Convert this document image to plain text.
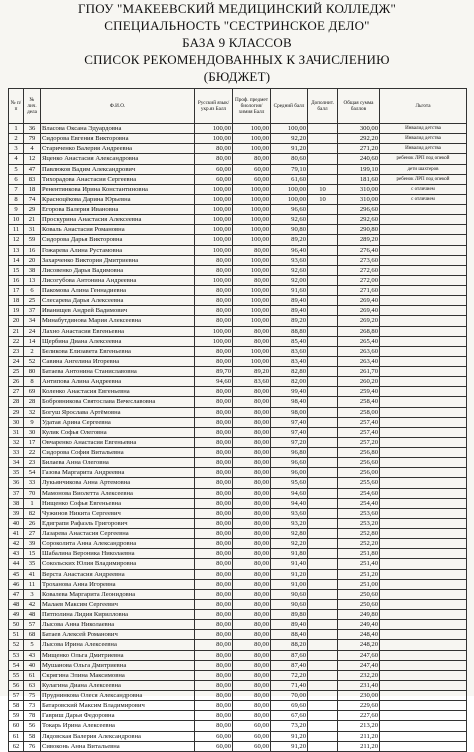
ГПОУ "МАКЕЕВСКИЙ МЕДИЦИНСКИЙ КОЛЛЕДЖ"
СПЕЦИАЛЬНОСТЬ "СЕСТРИНСКОЕ ДЕЛО"
БАЗА 9 КЛАССОВ
СПИСОК РЕКОМЕНДОВАННЫХ К ЗАЧИСЛЕНИЮ
(БЮДЖЕТ)
№ п/п	№ лич. дела	Ф.И.О.	Русский язык/укр.яз Балл	Проф. предмет биология/ химия Балл	Средний балл	Дополнит. балл	Общая сумма баллов	Льгота
1	36	Власова Оксана Эдуардовна	100,00	100,00	100,00		300,00	Инвалид детства
2	79	Сидорова Евгения Викторовна	100,00	100,00	92,20		292,20	Инвалид детства
3	4	Стариченко Валерия Андреевна	80,00	100,00	91,20		271,20	Инвалид детства
4	12	Яценко Анастасия Александровна	80,00	80,00	80,60		240,60	ребенок ЛРП под опекой
5	47	Павлюков Вадим Александрович	60,00	60,00	79,10		199,10	дети шахтеров
6	83	Тихорадова Анастасия Сергеевна	60,00	60,00	61,60		181,60	ребенок ЛРП под опекой
7	18	Ренентинкова Ирина Константиновна	100,00	100,00	100,00	10	310,00	с отличием
8	74	Красноцёкова Дарина Юрьевна	100,00	100,00	100,00	10	310,00	с отличием
9	29	Егорова Валерия Ивановна	100,00	100,00	96,60		296,60	
10	21	Проскурина Анастасия Алексеевна	100,00	100,00	92,60		292,60	
11	31	Коваль Анастасия Романовна	100,00	100,00	90,80		290,80	
12	59	Сидорова Дарья Викторовна	100,00	100,00	89,20		289,20	
13	16	Гожарева Алина Рустамовна	100,00	80,00	96,40		276,40	
14	20	Захарченко Виктория Дмитриевна	80,00	100,00	93,60		273,60	
15	38	Лисовенко Дарья Вадимовна	80,00	100,00	92,60		272,60	
16	13	Лисогубова Антонина Андреевна	100,00	80,00	92,00		272,00	
17	6	Пакомова Алина Геннадиевна	80,00	100,00	91,60		271,60	
18	25	Слесарева Дарья Алексеевна	80,00	100,00	89,40		269,40	
19	37	Иванищев Андрей Вадимович	80,00	100,00	89,40		269,40	
20	34	Минабутдинова Мария Алексеевна	80,00	100,00	89,20		269,20	
21	24	Лахно Анастасия Евгеньевна	100,00	80,00	88,80		268,80	
22	14	Щербина Диана Алексеевна	100,00	80,00	85,40		265,40	
23	2	Беликова Елизавета Евгеньевна	80,00	100,00	83,60		263,60	
24	52	Савина Ангелина Игоревна	80,00	100,00	83,40		263,40	
25	80	Батаева Антонина Станиславовна	89,70	89,20	82,80		261,70	
26	8	Антипова Алина Андреевна	94,60	83,60	82,00		260,20	
27	69	Коленко Анастасия Евгеньевна	80,00	80,00	99,40		259,40	
28	28	Бобровникова Святослава Вячеславовна	80,00	80,00	98,40		258,40	
29	32	Богуш Ярослава Артёмовна	80,00	80,00	98,00		258,00	
30	9	Удатая Арина Сергеевна	80,00	80,00	97,40		257,40	
31	30	Кулик Софья Олеговна	80,00	80,00	97,40		257,40	
32	17	Овчаренко Анастасия Евгеньевна	80,00	80,00	97,20		257,20	
33	22	Сидорова София Витальевна	80,00	80,00	96,80		256,80	
34	23	Билаева Анна Олеговна	80,00	80,00	96,60		256,60	
35	54	Газова Маргарита Андреевна	80,00	80,00	96,00		256,00	
36	33	Лукьянчикова Анна Артемовна	80,00	80,00	95,60		255,60	
37	70	Мамонова Виолетта Алексеевна	80,00	80,00	94,60		254,60	
38	1	Нищенко Софья Евгеньевна	80,00	80,00	94,40		254,40	
39	82	Чужинов Никита Сергеевич	80,00	80,00	93,60		253,60	
40	26	Едиграпи Рафаэль Григорович	80,00	80,00	93,20		253,20	
41	27	Лазарева Анастасия Сергеевна	80,00	80,00	92,80		252,80	
42	39	Сороколита Анна Александровна	80,00	80,00	92,20		252,20	
43	15	Шабалина Вероника Николаевна	80,00	80,00	91,80		251,80	
44	35	Сокольских Юлия Владимировна	80,00	80,00	91,40		251,40	
45	41	Верста Анастасия Андреевна	80,00	80,00	91,20		251,20	
46	11	Троханова Анна Игоревна	80,00	80,00	91,00		251,00	
47	3	Ковалева Маргарита Леонидовна	80,00	80,00	90,60		250,60	
48	42	Малаев Максим Сергеевич	80,00	80,00	90,60		250,60	
49	48	Пятполина Лидия Кирилловна	80,00	80,00	89,80		249,80	
50	57	Лысова Анна Николаевна	80,00	80,00	89,40		249,40	
51	68	Батаев Алексей Романович	80,00	80,00	88,40		248,40	
52	5	Лысова Ирина Алексеевна	80,00	80,00	88,20		248,20	
53	43	Мищенко Ольга Дмитриевна	80,00	80,00	87,60		247,60	
54	40	Мушанова Ольга Дмитриевна	80,00	80,00	87,40		247,40	
55	61	Скрягина Элина Максимовна	80,00	80,00	72,20		232,20	
56	63	Кулагина Диана Алексеевна	80,00	80,00	71,40		231,40	
57	75	Пруднинкова Олеся Александровна	80,00	80,00	70,00		230,00	
58	73	Батаровский Максим Владимирович	80,00	80,00	69,60		229,60	
59	78	Гавриш Дарья Федоровна	80,00	80,00	67,60		227,60	
60	56	Токарь Ирина Алексеевна	80,00	60,00	73,20		213,20	
61	58	Лядовская Валерия Александровна	60,00	60,00	91,20		211,20	
62	76	Сивоконь Анна Витальевна	60,00	60,00	91,20		211,20	
